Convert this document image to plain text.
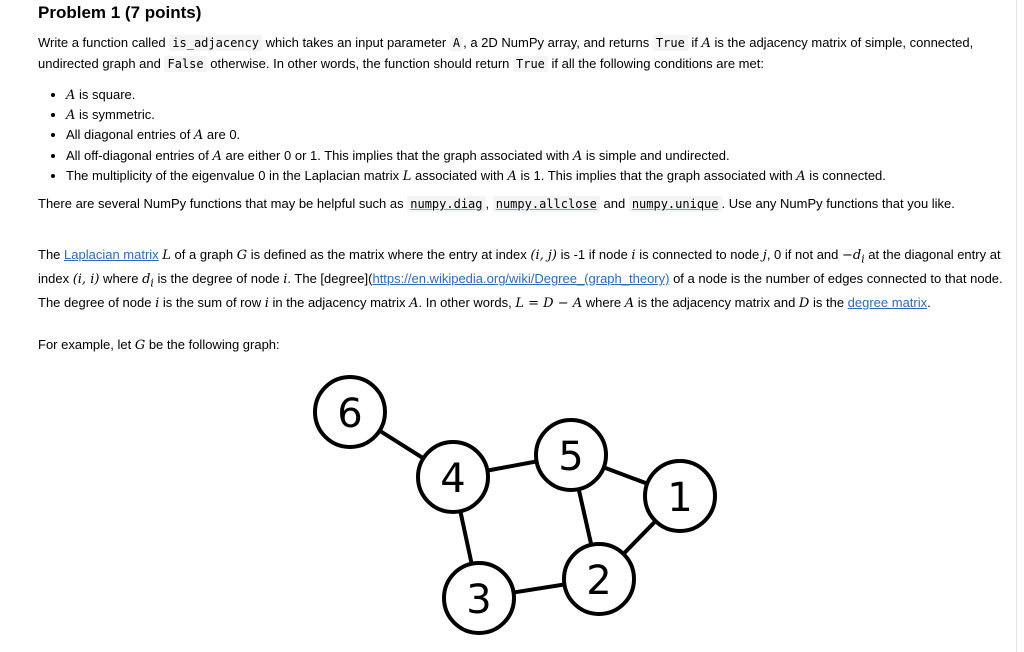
Problem 1 (7 points)

Write a function called is_adjacency which takes an input parameter A , a 2D NumPy array, and returns True if A is the adjacency matrix of simple, connected, undirected graph and False otherwise. In other words, the function should return True if all the following conditions are met:

• A is square.
• A is symmetric.
• All diagonal entries of A are 0.
• All off-diagonal entries of A are either 0 or 1. This implies that the graph associated with A is simple and undirected.
• The multiplicity of the eigenvalue 0 in the Laplacian matrix L associated with A is 1. This implies that the graph associated with A is connected.

There are several NumPy functions that may be helpful such as numpy.diag , numpy.allclose and numpy.unique . Use any NumPy functions that you like.

The Laplacian matrix L of a graph G is defined as the matrix where the entry at index (i, j) is -1 if node i is connected to node j, 0 if not and $-d_i$ at the diagonal entry at index (i, i) where $d_i$ is the degree of node i. The [degree](https://en.wikipedia.org/wiki/Degree_(graph_theory) of a node is the number of edges connected to that node. The degree of node i is the sum of row i in the adjacency matrix A. In other words, L = D − A where A is the adjacency matrix and D is the degree matrix.

For example, let G be the following graph:

6
4 5
1
2
3
